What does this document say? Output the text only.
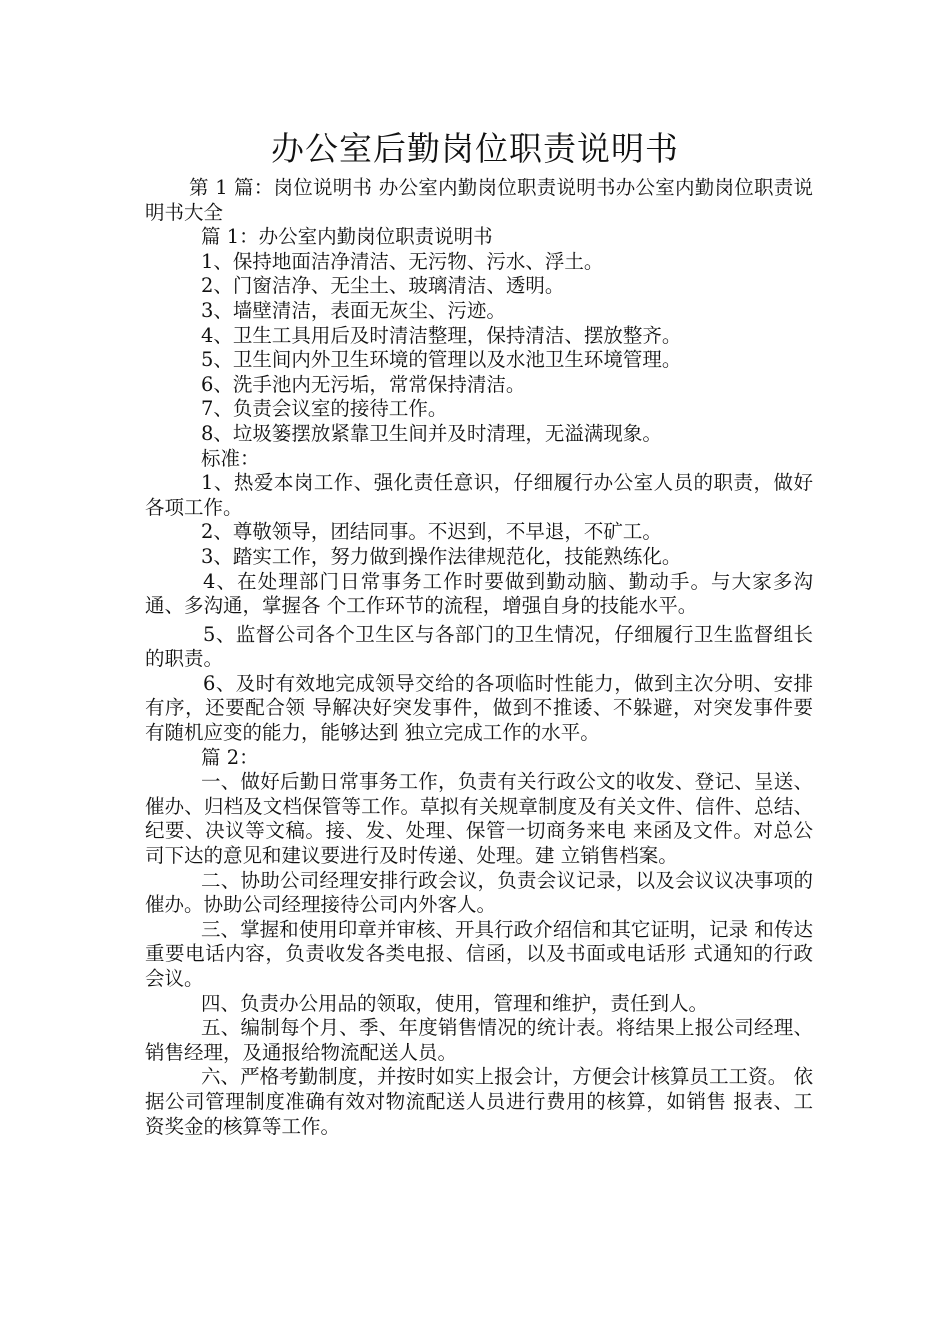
办公室后勤岗位职责说明书

第 1 篇：岗位说明书 办公室内勤岗位职责说明书办公室内勤岗位职责说明书大全

篇 1：办公室内勤岗位职责说明书

1、保持地面洁净清洁、无污物、污水、浮土。

2、门窗洁净、无尘土、玻璃清洁、透明。

3、墙壁清洁，表面无灰尘、污迹。

4、卫生工具用后及时清洁整理，保持清洁、摆放整齐。

5、卫生间内外卫生环境的管理以及水池卫生环境管理。

6、洗手池内无污垢，常常保持清洁。

7、负责会议室的接待工作。

8、垃圾篓摆放紧靠卫生间并及时清理，无溢满现象。

标准：

1、热爱本岗工作、强化责任意识，仔细履行办公室人员的职责，做好各项工作。

2、尊敬领导，团结同事。不迟到，不早退，不矿工。

3、踏实工作，努力做到操作法律规范化，技能熟练化。

4、在处理部门日常事务工作时要做到勤动脑、勤动手。与大家多沟通、多沟通，掌握各 个工作环节的流程，增强自身的技能水平。

5、监督公司各个卫生区与各部门的卫生情况，仔细履行卫生监督组长的职责。

6、及时有效地完成领导交给的各项临时性能力，做到主次分明、安排有序，还要配合领 导解决好突发事件，做到不推诿、不躲避，对突发事件要有随机应变的能力，能够达到 独立完成工作的水平。

篇 2：

一、做好后勤日常事务工作，负责有关行政公文的收发、登记、呈送、催办、归档及文档保管等工作。草拟有关规章制度及有关文件、信件、总结、纪要、决议等文稿。接、发、处理、保管一切商务来电 来函及文件。对总公司下达的意见和建议要进行及时传递、处理。建 立销售档案。

二、协助公司经理安排行政会议，负责会议记录，以及会议议决事项的催办。协助公司经理接待公司内外客人。

三、掌握和使用印章并审核、开具行政介绍信和其它证明，记录 和传达重要电话内容，负责收发各类电报、信函，以及书面或电话形 式通知的行政会议。

四、负责办公用品的领取，使用，管理和维护，责任到人。

五、编制每个月、季、年度销售情况的统计表。将结果上报公司经理、销售经理，及通报给物流配送人员。

六、严格考勤制度，并按时如实上报会计，方便会计核算员工工资。 依据公司管理制度准确有效对物流配送人员进行费用的核算，如销售 报表、工资奖金的核算等工作。
